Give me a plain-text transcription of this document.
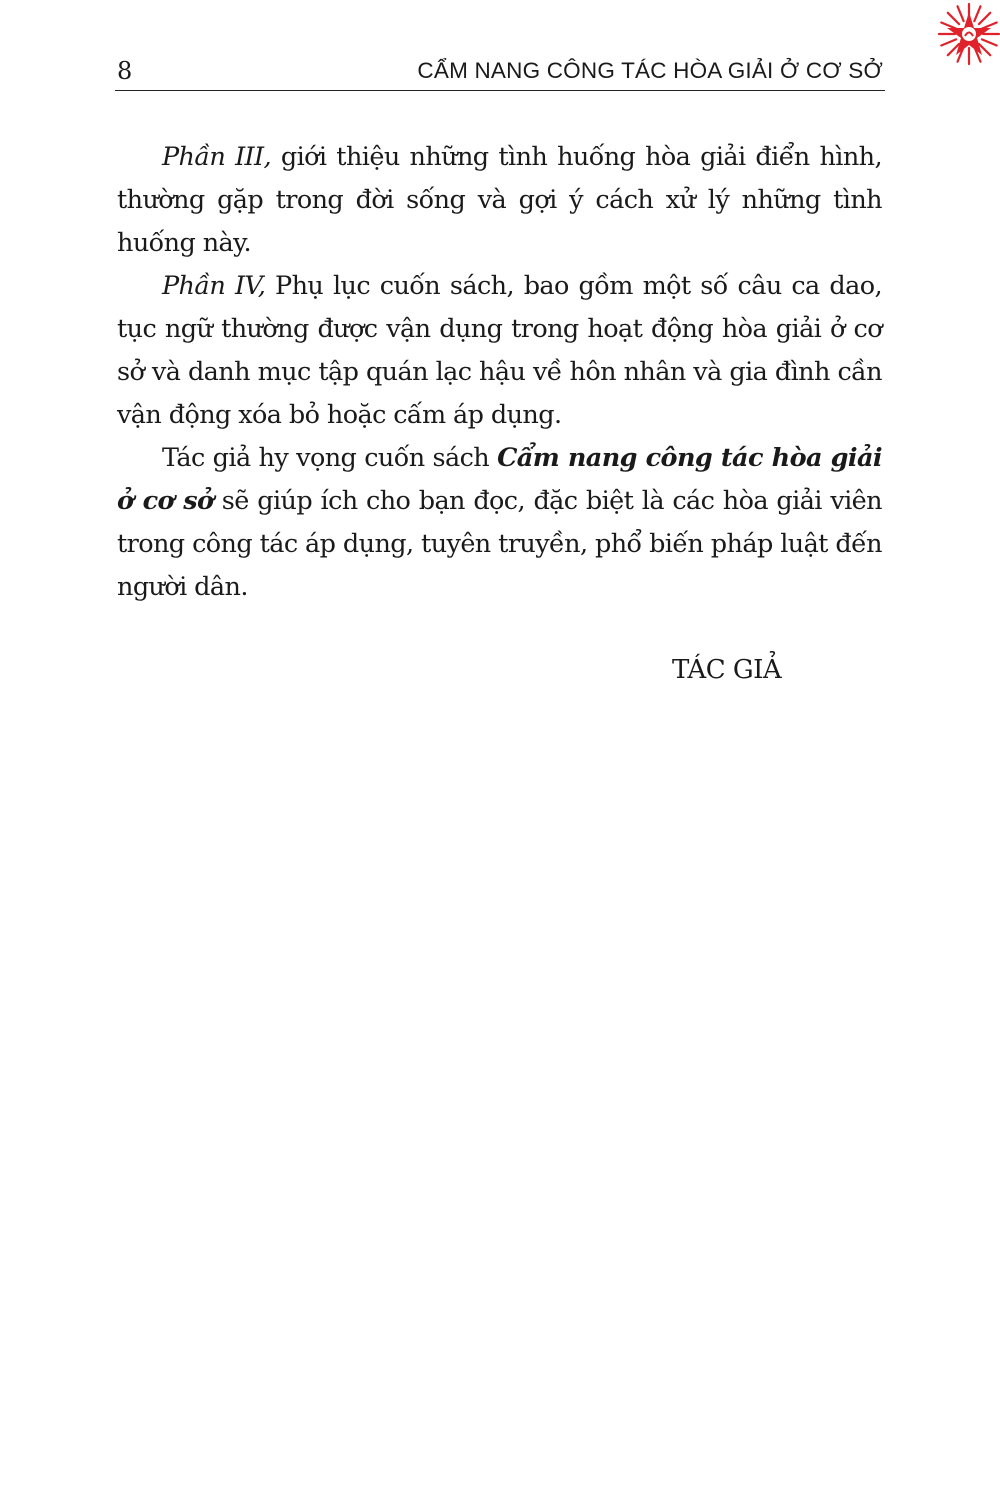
8	CẨM NANG CÔNG TÁC HÒA GIẢI Ở CƠ SỞ

Phần III, giới thiệu những tình huống hòa giải điển hình, thường gặp trong đời sống và gợi ý cách xử lý những tình huống này.

Phần IV, Phụ lục cuốn sách, bao gồm một số câu ca dao, tục ngữ thường được vận dụng trong hoạt động hòa giải ở cơ sở và danh mục tập quán lạc hậu về hôn nhân và gia đình cần vận động xóa bỏ hoặc cấm áp dụng.

Tác giả hy vọng cuốn sách Cẩm nang công tác hòa giải ở cơ sở sẽ giúp ích cho bạn đọc, đặc biệt là các hòa giải viên trong công tác áp dụng, tuyên truyền, phổ biến pháp luật đến người dân.

TÁC GIẢ
